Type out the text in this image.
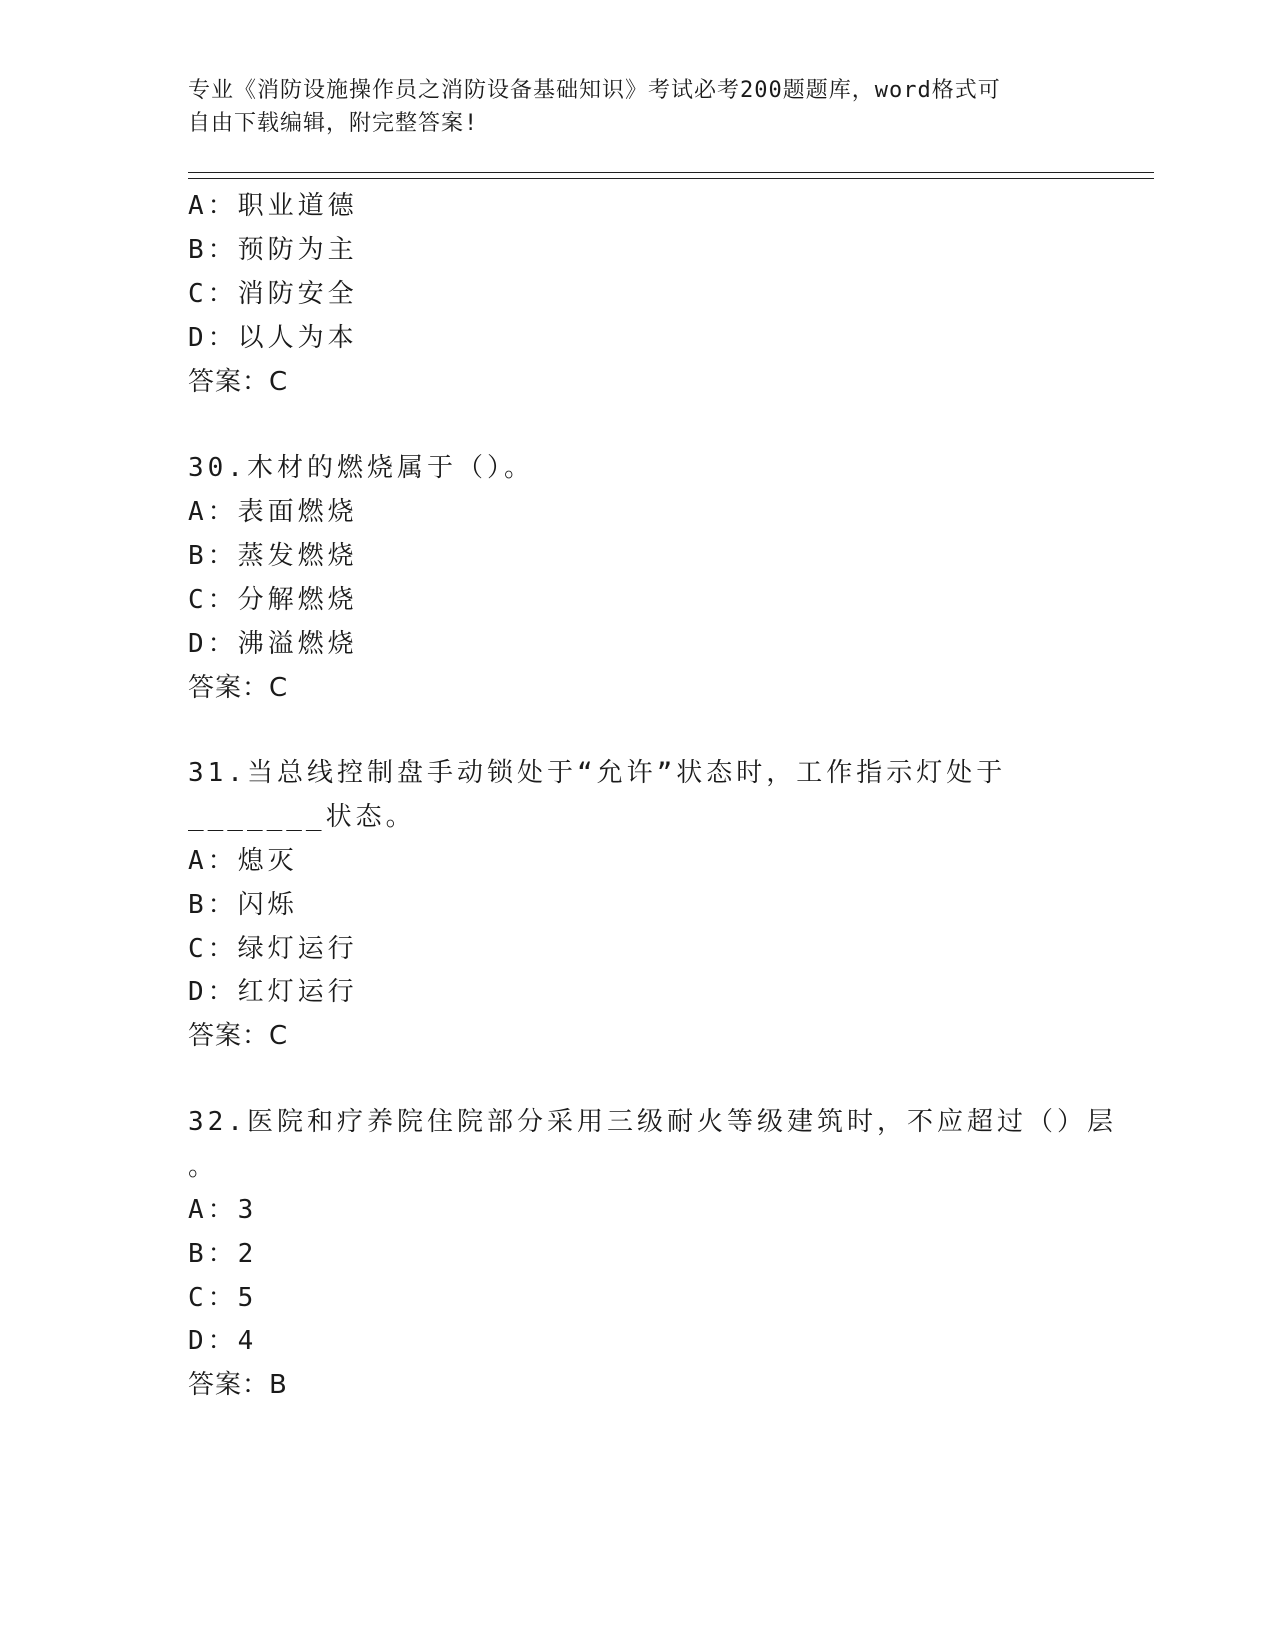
专业《消防设施操作员之消防设备基础知识》考试必考200题题库，word格式可
自由下载编辑，附完整答案!
A：职业道德
B：预防为主
C：消防安全
D：以人为本
答案：C
30.木材的燃烧属于（）。
A：表面燃烧
B：蒸发燃烧
C：分解燃烧
D：沸溢燃烧
答案：C
31.当总线控制盘手动锁处于“允许”状态时，工作指示灯处于
_______状态。
A：熄灭
B：闪烁
C：绿灯运行
D：红灯运行
答案：C
32.医院和疗养院住院部分采用三级耐火等级建筑时，不应超过（）层
。
A：3
B：2
C：5
D：4
答案：B
